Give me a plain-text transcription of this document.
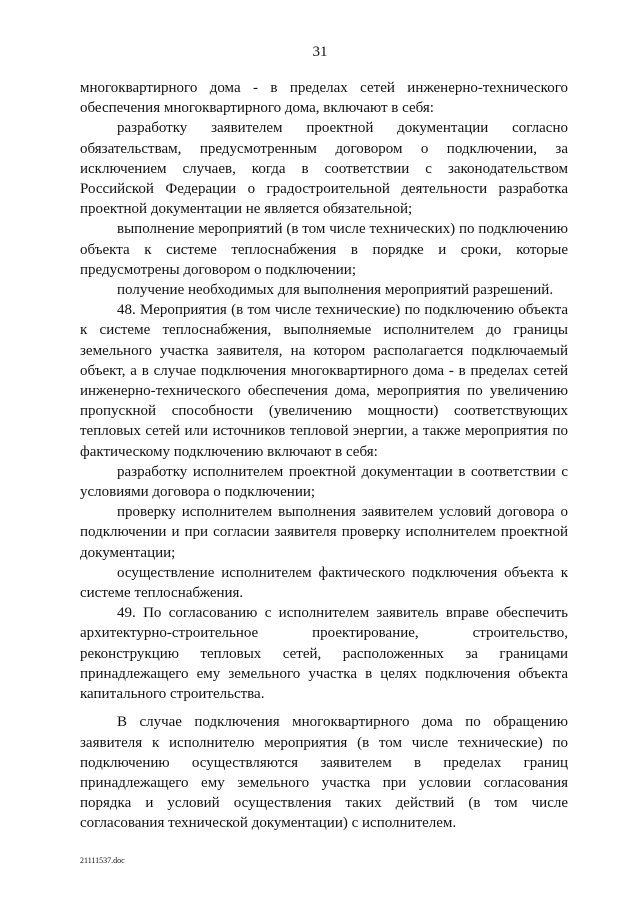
31

многоквартирного дома - в пределах сетей инженерно-технического обеспечения многоквартирного дома, включают в себя:

разработку заявителем проектной документации согласно обязательствам, предусмотренным договором о подключении, за исключением случаев, когда в соответствии с законодательством Российской Федерации о градостроительной деятельности разработка проектной документации не является обязательной;

выполнение мероприятий (в том числе технических) по подключению объекта к системе теплоснабжения в порядке и сроки, которые предусмотрены договором о подключении;

получение необходимых для выполнения мероприятий разрешений.

48. Мероприятия (в том числе технические) по подключению объекта к системе теплоснабжения, выполняемые исполнителем до границы земельного участка заявителя, на котором располагается подключаемый объект, а в случае подключения многоквартирного дома - в пределах сетей инженерно-технического обеспечения дома, мероприятия по увеличению пропускной способности (увеличению мощности) соответствующих тепловых сетей или источников тепловой энергии, а также мероприятия по фактическому подключению включают в себя:

разработку исполнителем проектной документации в соответствии с условиями договора о подключении;

проверку исполнителем выполнения заявителем условий договора о подключении и при согласии заявителя проверку исполнителем проектной документации;

осуществление исполнителем фактического подключения объекта к системе теплоснабжения.

49. По согласованию с исполнителем заявитель вправе обеспечить архитектурно-строительное проектирование, строительство, реконструкцию тепловых сетей, расположенных за границами принадлежащего ему земельного участка в целях подключения объекта капитального строительства.

В случае подключения многоквартирного дома по обращению заявителя к исполнителю мероприятия (в том числе технические) по подключению осуществляются заявителем в пределах границ принадлежащего ему земельного участка при условии согласования порядка и условий осуществления таких действий (в том числе согласования технической документации) с исполнителем.

21111537.doc
